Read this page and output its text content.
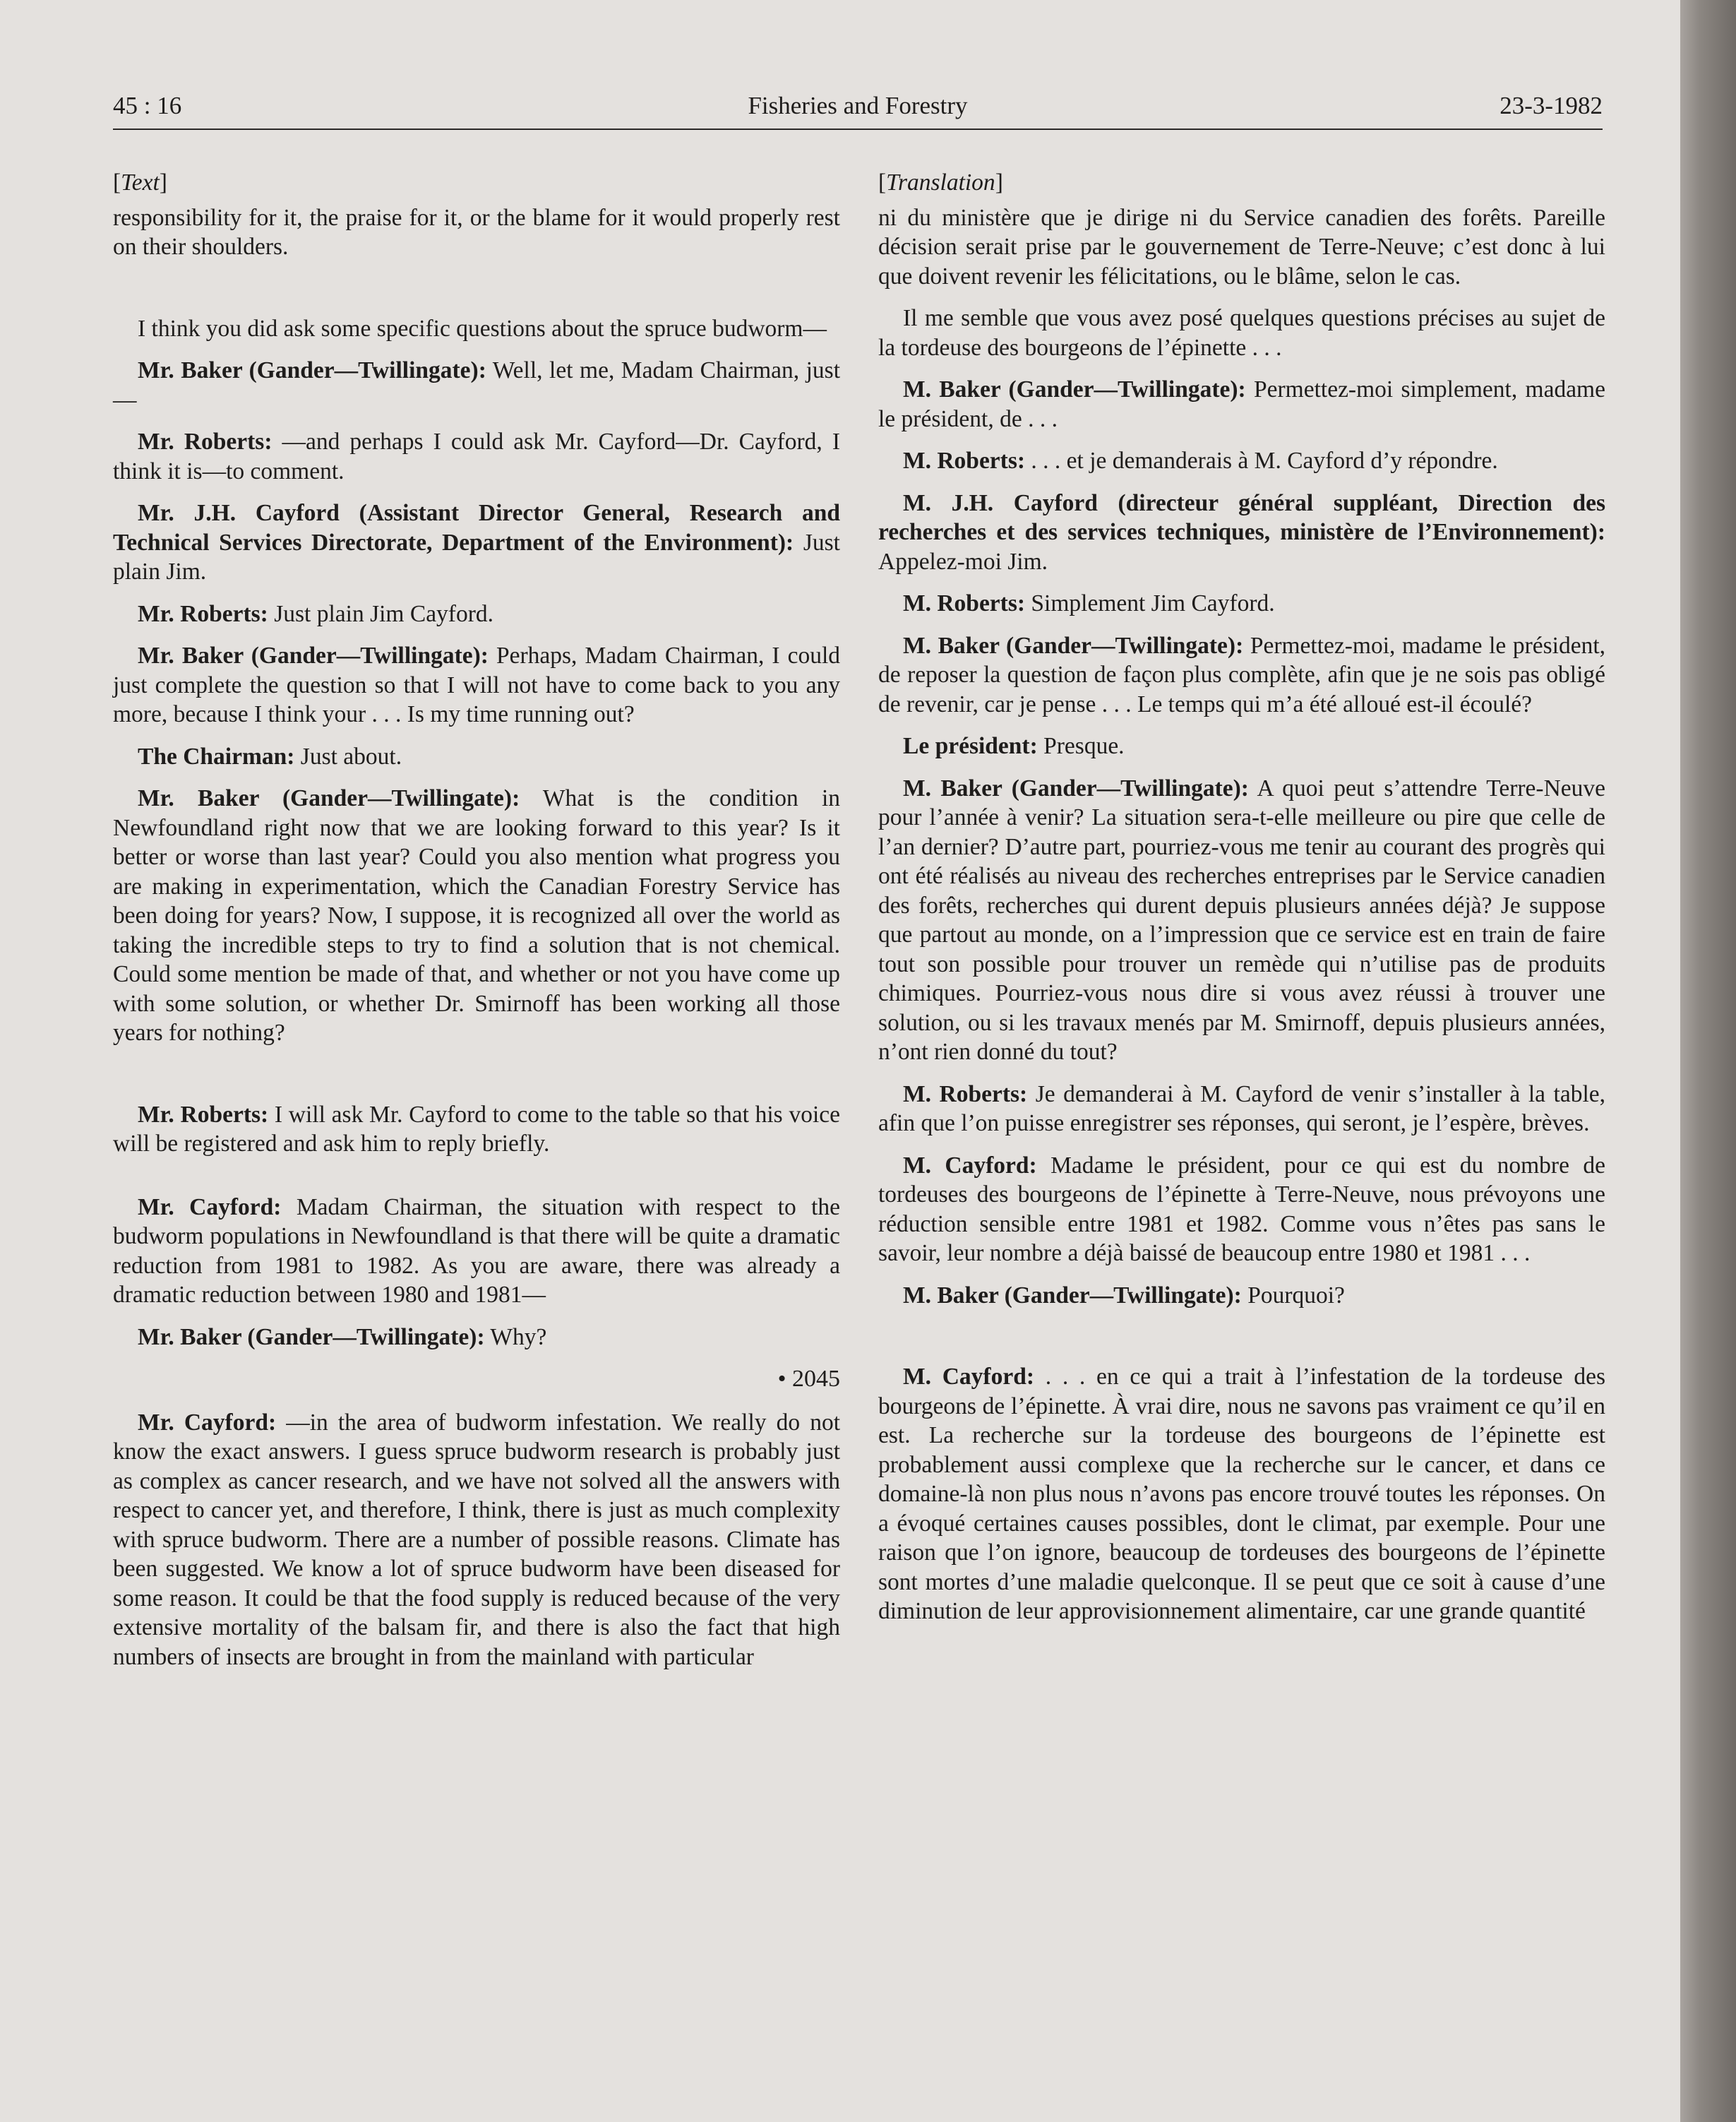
45 : 16	Fisheries and Forestry	23-3-1982

[Text]

responsibility for it, the praise for it, or the blame for it would properly rest on their shoulders.

I think you did ask some specific questions about the spruce budworm—

Mr. Baker (Gander—Twillingate): Well, let me, Madam Chairman, just—

Mr. Roberts: —and perhaps I could ask Mr. Cayford—Dr. Cayford, I think it is—to comment.

Mr. J.H. Cayford (Assistant Director General, Research and Technical Services Directorate, Department of the Environment): Just plain Jim.

Mr. Roberts: Just plain Jim Cayford.

Mr. Baker (Gander—Twillingate): Perhaps, Madam Chairman, I could just complete the question so that I will not have to come back to you any more, because I think your . . . Is my time running out?

The Chairman: Just about.

Mr. Baker (Gander—Twillingate): What is the condition in Newfoundland right now that we are looking forward to this year? Is it better or worse than last year? Could you also mention what progress you are making in experimentation, which the Canadian Forestry Service has been doing for years? Now, I suppose, it is recognized all over the world as taking the incredible steps to try to find a solution that is not chemical. Could some mention be made of that, and whether or not you have come up with some solution, or whether Dr. Smirnoff has been working all those years for nothing?

Mr. Roberts: I will ask Mr. Cayford to come to the table so that his voice will be registered and ask him to reply briefly.

Mr. Cayford: Madam Chairman, the situation with respect to the budworm populations in Newfoundland is that there will be quite a dramatic reduction from 1981 to 1982. As you are aware, there was already a dramatic reduction between 1980 and 1981—

Mr. Baker (Gander—Twillingate): Why?

• 2045

Mr. Cayford: —in the area of budworm infestation. We really do not know the exact answers. I guess spruce budworm research is probably just as complex as cancer research, and we have not solved all the answers with respect to cancer yet, and therefore, I think, there is just as much complexity with spruce budworm. There are a number of possible reasons. Climate has been suggested. We know a lot of spruce budworm have been diseased for some reason. It could be that the food supply is reduced because of the very extensive mortality of the balsam fir, and there is also the fact that high numbers of insects are brought in from the mainland with particular

[Translation]

ni du ministère que je dirige ni du Service canadien des forêts. Pareille décision serait prise par le gouvernement de Terre-Neuve; c’est donc à lui que doivent revenir les félicitations, ou le blâme, selon le cas.

Il me semble que vous avez posé quelques questions précises au sujet de la tordeuse des bourgeons de l’épinette . . .

M. Baker (Gander—Twillingate): Permettez-moi simplement, madame le président, de . . .

M. Roberts: . . . et je demanderais à M. Cayford d’y répondre.

M. J.H. Cayford (directeur général suppléant, Direction des recherches et des services techniques, ministère de l’Environnement): Appelez-moi Jim.

M. Roberts: Simplement Jim Cayford.

M. Baker (Gander—Twillingate): Permettez-moi, madame le président, de reposer la question de façon plus complète, afin que je ne sois pas obligé de revenir, car je pense . . . Le temps qui m’a été alloué est-il écoulé?

Le président: Presque.

M. Baker (Gander—Twillingate): A quoi peut s’attendre Terre-Neuve pour l’année à venir? La situation sera-t-elle meilleure ou pire que celle de l’an dernier? D’autre part, pourriez-vous me tenir au courant des progrès qui ont été réalisés au niveau des recherches entreprises par le Service canadien des forêts, recherches qui durent depuis plusieurs années déjà? Je suppose que partout au monde, on a l’impression que ce service est en train de faire tout son possible pour trouver un remède qui n’utilise pas de produits chimiques. Pourriez-vous nous dire si vous avez réussi à trouver une solution, ou si les travaux menés par M. Smirnoff, depuis plusieurs années, n’ont rien donné du tout?

M. Roberts: Je demanderai à M. Cayford de venir s’installer à la table, afin que l’on puisse enregistrer ses réponses, qui seront, je l’espère, brèves.

M. Cayford: Madame le président, pour ce qui est du nombre de tordeuses des bourgeons de l’épinette à Terre-Neuve, nous prévoyons une réduction sensible entre 1981 et 1982. Comme vous n’êtes pas sans le savoir, leur nombre a déjà baissé de beaucoup entre 1980 et 1981 . . .

M. Baker (Gander—Twillingate): Pourquoi?

M. Cayford: . . . en ce qui a trait à l’infestation de la tordeuse des bourgeons de l’épinette. À vrai dire, nous ne savons pas vraiment ce qu’il en est. La recherche sur la tordeuse des bourgeons de l’épinette est probablement aussi complexe que la recherche sur le cancer, et dans ce domaine-là non plus nous n’avons pas encore trouvé toutes les réponses. On a évoqué certaines causes possibles, dont le climat, par exemple. Pour une raison que l’on ignore, beaucoup de tordeuses des bourgeons de l’épinette sont mortes d’une maladie quelconque. Il se peut que ce soit à cause d’une diminution de leur approvisionnement alimentaire, car une grande quantité
